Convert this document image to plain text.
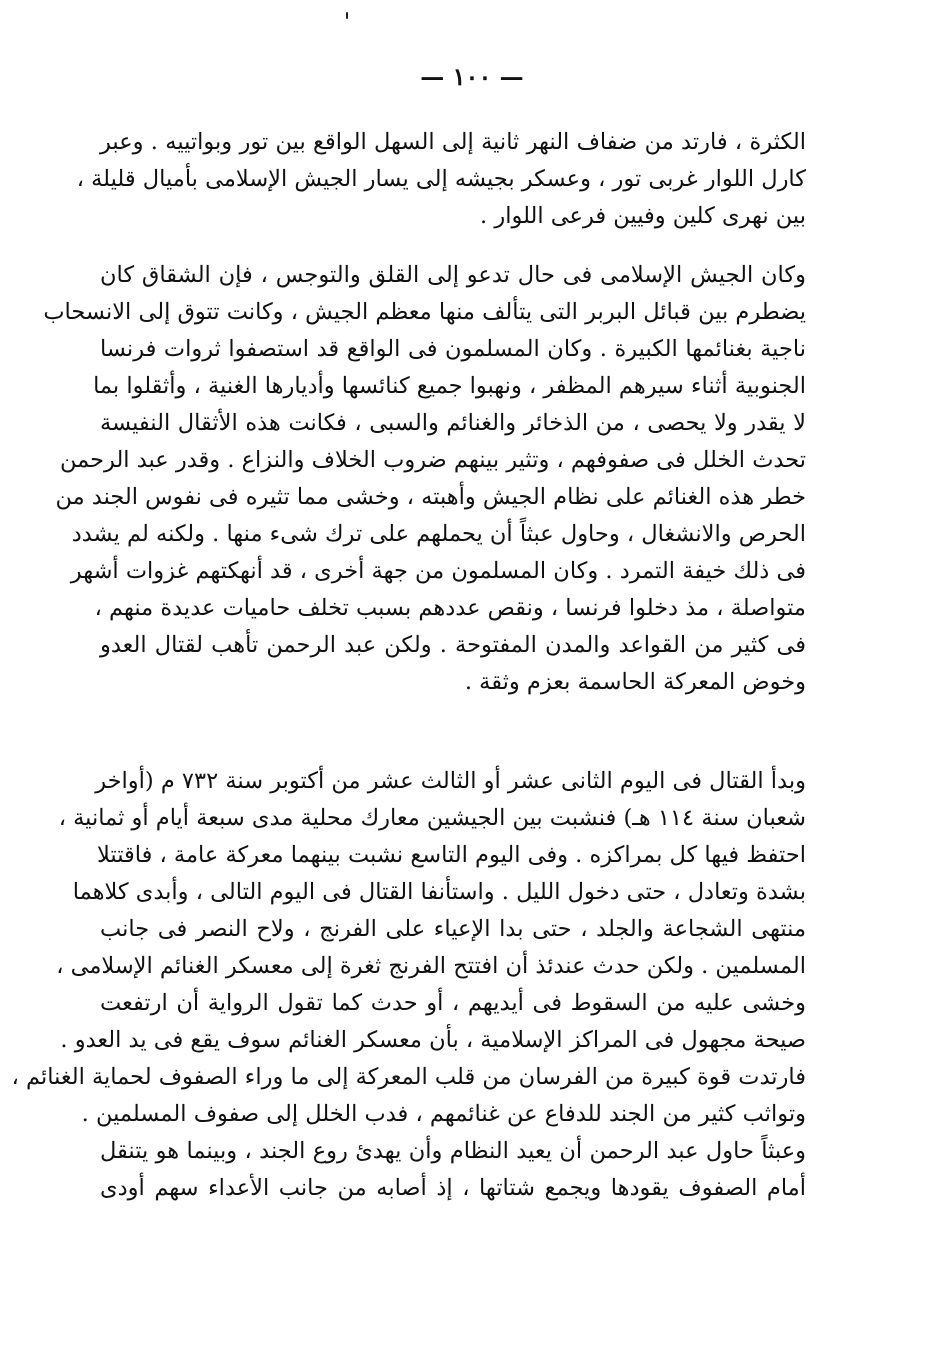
— ١٠٠ —
الكثرة ، فارتد من ضفاف النهر ثانية إلى السهل الواقع بين تور وبواتييه . وعبر
كارل اللوار غربى تور ، وعسكر بجيشه إلى يسار الجيش الإسلامى بأميال قليلة ،
بين نهرى كلين وفيين فرعى اللوار .
وكان الجيش الإسلامى فى حال تدعو إلى القلق والتوجس ، فإن الشقاق كان
يضطرم بين قبائل البربر التى يتألف منها معظم الجيش ، وكانت تتوق إلى الانسحاب
ناجية بغنائمها الكبيرة . وكان المسلمون فى الواقع قد استصفوا ثروات فرنسا
الجنوبية أثناء سيرهم المظفر ، ونهبوا جميع كنائسها وأديارها الغنية ، وأثقلوا بما
لا يقدر ولا يحصى ، من الذخائر والغنائم والسبى ، فكانت هذه الأثقال النفيسة
تحدث الخلل فى صفوفهم ، وتثير بينهم ضروب الخلاف والنزاع . وقدر عبد الرحمن
خطر هذه الغنائم على نظام الجيش وأهبته ، وخشى مما تثيره فى نفوس الجند من
الحرص والانشغال ، وحاول عبثاً أن يحملهم على ترك شىء منها . ولكنه لم يشدد
فى ذلك خيفة التمرد . وكان المسلمون من جهة أخرى ، قد أنهكتهم غزوات أشهر
متواصلة ، مذ دخلوا فرنسا ، ونقص عددهم بسبب تخلف حاميات عديدة منهم ،
فى كثير من القواعد والمدن المفتوحة . ولكن عبد الرحمن تأهب لقتال العدو
وخوض المعركة الحاسمة بعزم وثقة .
وبدأ القتال فى اليوم الثانى عشر أو الثالث عشر من أكتوبر سنة ٧٣٢ م (أواخر
شعبان سنة ١١٤ هـ) فنشبت بين الجيشين معارك محلية مدى سبعة أيام أو ثمانية ،
احتفظ فيها كل بمراكزه . وفى اليوم التاسع نشبت بينهما معركة عامة ، فاقتتلا
بشدة وتعادل ، حتى دخول الليل . واستأنفا القتال فى اليوم التالى ، وأبدى كلاهما
منتهى الشجاعة والجلد ، حتى بدا الإعياء على الفرنج ، ولاح النصر فى جانب
المسلمين . ولكن حدث عندئذ أن افتتح الفرنج ثغرة إلى معسكر الغنائم الإسلامى ،
وخشى عليه من السقوط فى أيديهم ، أو حدث كما تقول الرواية أن ارتفعت
صيحة مجهول فى المراكز الإسلامية ، بأن معسكر الغنائم سوف يقع فى يد العدو .
فارتدت قوة كبيرة من الفرسان من قلب المعركة إلى ما وراء الصفوف لحماية الغنائم ،
وتواثب كثير من الجند للدفاع عن غنائمهم ، فدب الخلل إلى صفوف المسلمين .
وعبثاً حاول عبد الرحمن أن يعيد النظام وأن يهدئ روع الجند ، وبينما هو يتنقل
أمام الصفوف يقودها ويجمع شتاتها ، إذ أصابه من جانب الأعداء سهم أودى
